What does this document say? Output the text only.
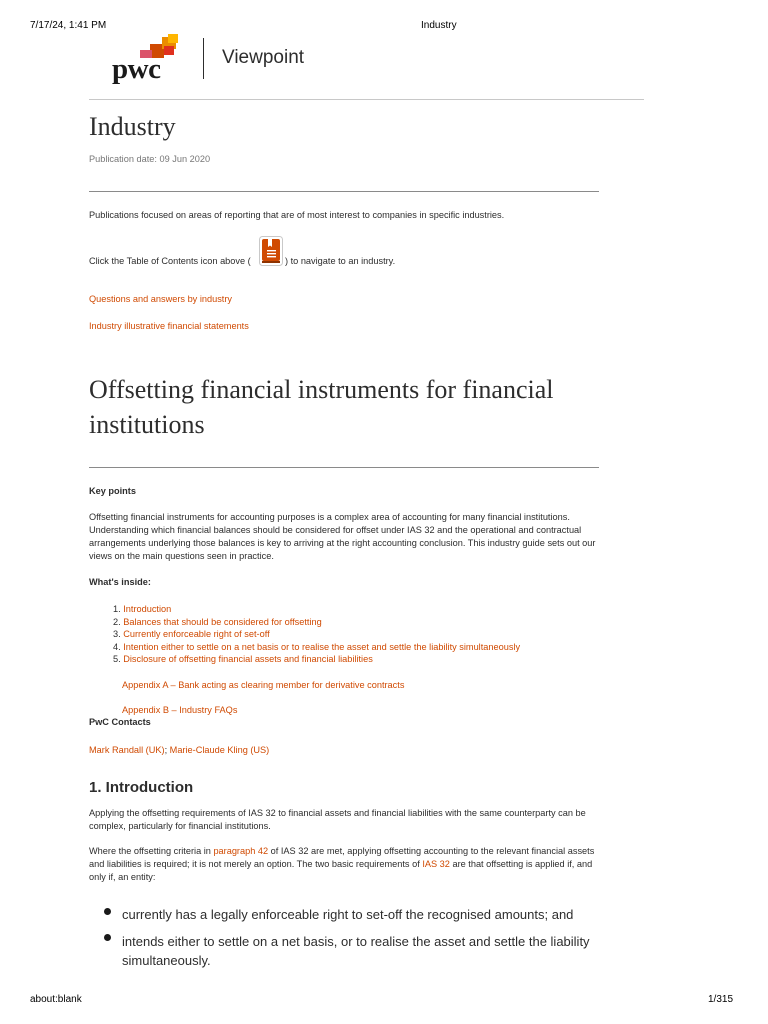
7/17/24, 1:41 PM	Industry
pwc	Viewpoint
Industry
Publication date: 09 Jun 2020
Publications focused on areas of reporting that are of most interest to companies in specific industries.
Click the Table of Contents icon above (	) to navigate to an industry.
Questions and answers by industry
Industry illustrative financial statements
Offsetting financial instruments for financial
institutions
Key points
Offsetting financial instruments for accounting purposes is a complex area of accounting for many financial institutions.
Understanding which financial balances should be considered for offset under IAS 32 and the operational and contractual
arrangements underlying those balances is key to arriving at the right accounting conclusion. This industry guide sets out our
views on the main questions seen in practice.
What's inside:
1. Introduction
2. Balances that should be considered for offsetting
3. Currently enforceable right of set-off
4. Intention either to settle on a net basis or to realise the asset and settle the liability simultaneously
5. Disclosure of offsetting financial assets and financial liabilities
Appendix A – Bank acting as clearing member for derivative contracts
Appendix B – Industry FAQs
PwC Contacts
Mark Randall (UK); Marie-Claude Kling (US)
1. Introduction
Applying the offsetting requirements of IAS 32 to financial assets and financial liabilities with the same counterparty can be
complex, particularly for financial institutions.
Where the offsetting criteria in paragraph 42 of IAS 32 are met, applying offsetting accounting to the relevant financial assets
and liabilities is required; it is not merely an option. The two basic requirements of IAS 32 are that offsetting is applied if, and
only if, an entity:
currently has a legally enforceable right to set-off the recognised amounts; and
intends either to settle on a net basis, or to realise the asset and settle the liability
simultaneously.
about:blank	1/315
